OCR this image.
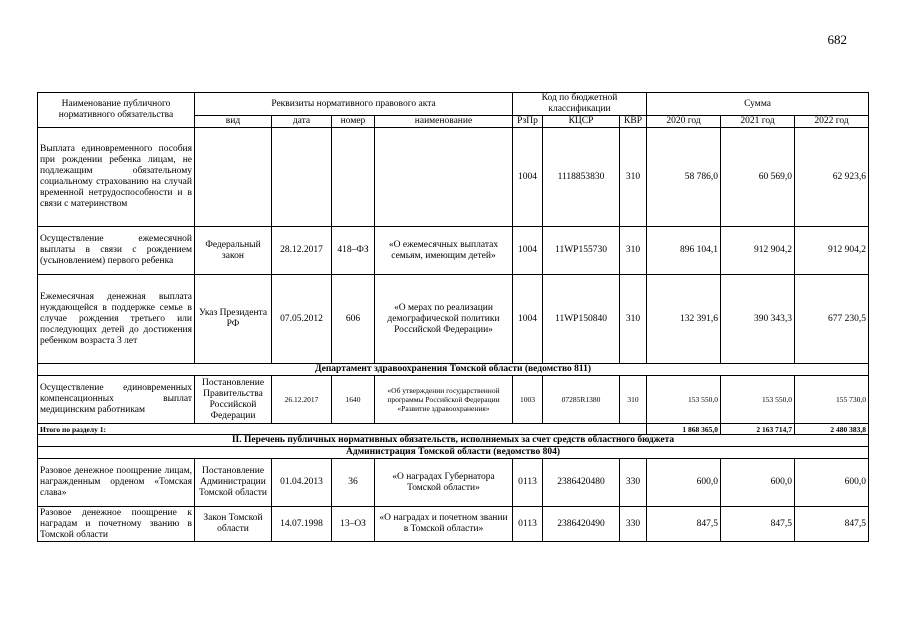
682
Наименование публичного нормативного обязательства	Реквизиты нормативного правового акта				Код по бюджетной классификации			Сумма		
	вид	дата	номер	наименование	РзПр	КЦСР	КВР	2020 год	2021 год	2022 год
Выплата единовременного пособия при рождении ребенка лицам, не подлежащим обязательному социальному страхованию на случай временной нетрудоспособности и в связи с материнством					1004	1118853830	310	58 786,0	60 569,0	62 923,6
Осуществление ежемесячной выплаты в связи с рождением (усыновлением) первого ребенка	Федеральный закон	28.12.2017	418–ФЗ	«О ежемесячных выплатах семьям, имеющим детей»	1004	11WP155730	310	896 104,1	912 904,2	912 904,2
Ежемесячная денежная выплата нуждающейся в поддержке семье в случае рождения третьего или последующих детей до достижения ребенком возраста 3 лет	Указ Президента РФ	07.05.2012	606	«О мерах по реализации демографической политики Российской Федерации»	1004	11WP150840	310	132 391,6	390 343,3	677 230,5
Департамент здравоохранения Томской области (ведомство 811)										
Осуществление единовременных компенсационных выплат медицинским работникам	Постановление Правительства Российской Федерации	26.12.2017	1640	«Об утверждении государственной программы Российской Федерации «Развитие здравоохранения»	1003	07285R1380	310	153 550,0	153 550,0	155 730,0
Итого по разделу 1:								1 868 365,0	2 163 714,7	2 480 383,8
II. Перечень публичных нормативных обязательств, исполняемых за счет средств областного бюджета										
Администрация Томской области (ведомство 804)										
Разовое денежное поощрение лицам, награжденным орденом «Томская слава»	Постановление Администрации Томской области	01.04.2013	36	«О наградах Губернатора Томской области»	0113	2386420480	330	600,0	600,0	600,0
Разовое денежное поощрение к наградам и почетному званию в Томской области	Закон Томской области	14.07.1998	13–ОЗ	«О наградах и почетном звании в Томской области»	0113	2386420490	330	847,5	847,5	847,5
